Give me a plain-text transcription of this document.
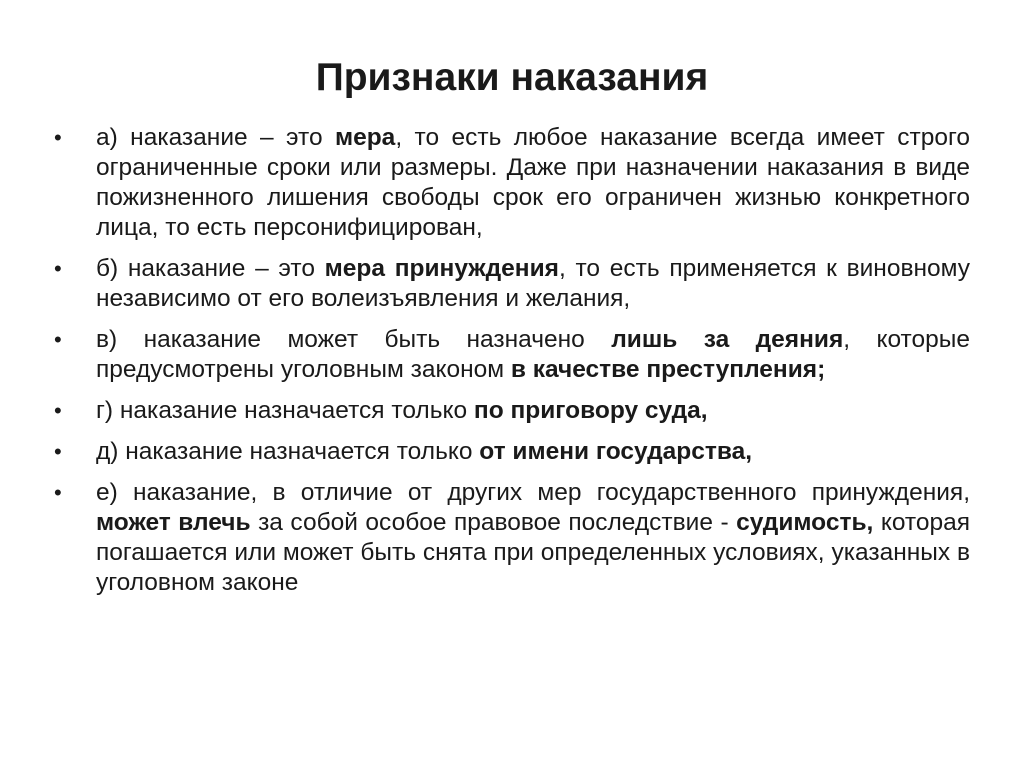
Признаки наказания
• а) наказание – это мера, то есть любое наказание всегда имеет строго ограниченные сроки или размеры. Даже при назначении наказания в виде пожизненного лишения свободы срок его ограничен жизнью конкретного лица, то есть персонифицирован,
• б) наказание – это мера принуждения, то есть применяется к виновному независимо от его волеизъявления и желания,
• в) наказание может быть назначено лишь за деяния, которые предусмотрены уголовным законом в качестве преступления;
• г) наказание назначается только по приговору суда,
• д) наказание назначается только от имени государства,
• е) наказание, в отличие от других мер государственного принуждения, может влечь за собой особое правовое последствие - судимость, которая погашается или может быть снята при определенных условиях, указанных в уголовном законе
